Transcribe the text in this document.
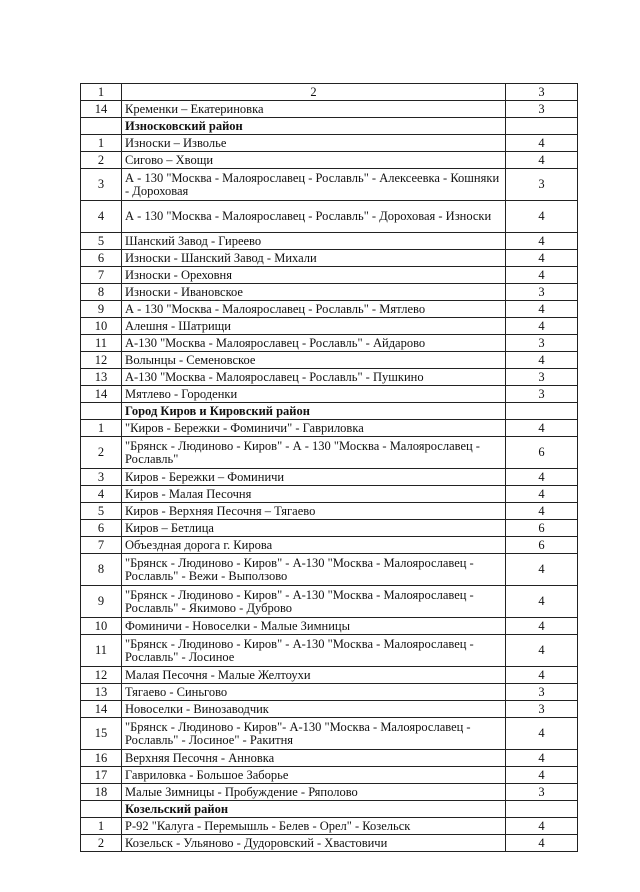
1	2	3
14	Кременки – Екатериновка	3
	Износковский район	
1	Износки – Изволье	4
2	Сигово – Хвощи	4
3	А - 130 "Москва - Малоярославец - Рославль" - Алексеевка - Кошняки - Дороховая	3
4	А - 130 "Москва - Малоярославец - Рославль" - Дороховая - Износки	4
5	Шанский Завод - Гиреево	4
6	Износки - Шанский Завод - Михали	4
7	Износки - Ореховня	4
8	Износки - Ивановское	3
9	А - 130 "Москва - Малоярославец - Рославль" - Мятлево	4
10	Алешня - Шатрищи	4
11	А-130 "Москва - Малоярославец - Рославль" - Айдарово	3
12	Волынцы - Семеновское	4
13	А-130 "Москва - Малоярославец - Рославль" - Пушкино	3
14	Мятлево - Городенки	3
	Город Киров и Кировский район	
1	"Киров - Бережки - Фоминичи" - Гавриловка	4
2	"Брянск - Людиново - Киров" - А - 130 "Москва - Малоярославец - Рославль"	6
3	Киров - Бережки – Фоминичи	4
4	Киров - Малая Песочня	4
5	Киров - Верхняя Песочня – Тягаево	4
6	Киров – Бетлица	6
7	Объездная дорога г. Кирова	6
8	"Брянск - Людиново - Киров" - А-130 "Москва - Малоярославец - Рославль" - Вежи - Выползово	4
9	"Брянск - Людиново - Киров" - А-130 "Москва - Малоярославец - Рославль" - Якимово - Дуброво	4
10	Фоминичи - Новоселки - Малые Зимницы	4
11	"Брянск - Людиново - Киров" - А-130 "Москва - Малоярославец - Рославль" - Лосиное	4
12	Малая Песочня - Малые Желтоухи	4
13	Тягаево - Синьгово	3
14	Новоселки - Винозаводчик	3
15	"Брянск - Людиново - Киров"- А-130 "Москва - Малоярославец - Рославль" - Лосиное" - Ракитня	4
16	Верхняя Песочня - Анновка	4
17	Гавриловка - Большое Заборье	4
18	Малые Зимницы - Пробуждение - Ряполово	3
	Козельский район	
1	Р-92 "Калуга - Перемышль - Белев - Орел" - Козельск	4
2	Козельск - Ульяново - Дудоровский - Хвастовичи	4
